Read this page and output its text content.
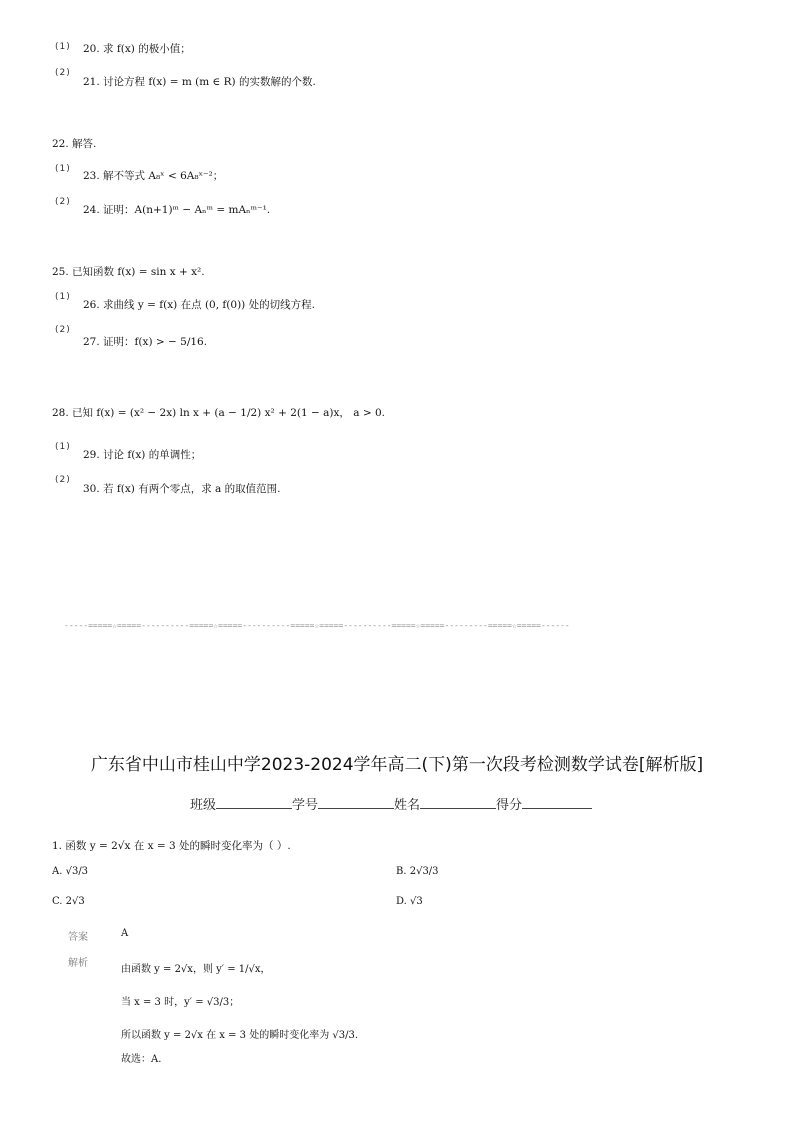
(1) 20. 求 f(x) 的极小值；
(2)
21. 讨论方程 f(x) = m (m ∈ R) 的实数解的个数.
22. 解答.
(1)
23. 解不等式 A₈ˣ < 6A₈ˣ⁻²；
(2)
24. 证明：A(n+1)ᵐ − Aₙᵐ = mAₙᵐ⁻¹.
25. 已知函数 f(x) = sin x + x².
(1)
26. 求曲线 y = f(x) 在点 (0, f(0)) 处的切线方程.
(2)
27. 证明：f(x) > − 5/16.
28. 已知 f(x) = (x² − 2x) ln x + (a − 1/2) x² + 2(1 − a)x， a > 0.
(1)
29. 讨论 f(x) 的单调性；
(2)
30. 若 f(x) 有两个零点，求 a 的取值范围.
-----=====☆=====----------=====☆=====----------=====☆=====----------=====☆=====---------=====☆=====------
广东省中山市桂山中学2023-2024学年高二(下)第一次段考检测数学试卷[解析版]
班级	学号	姓名	得分
1. 函数 y = 2√x 在 x = 3 处的瞬时变化率为（ ）.
A. √3/3	B. 2√3/3
C. 2√3	D. √3
答案	A
解析
由函数 y = 2√x，则 y′ = 1/√x，
当 x = 3 时，y′ = √3/3；
所以函数 y = 2√x 在 x = 3 处的瞬时变化率为 √3/3.
故选：A.
